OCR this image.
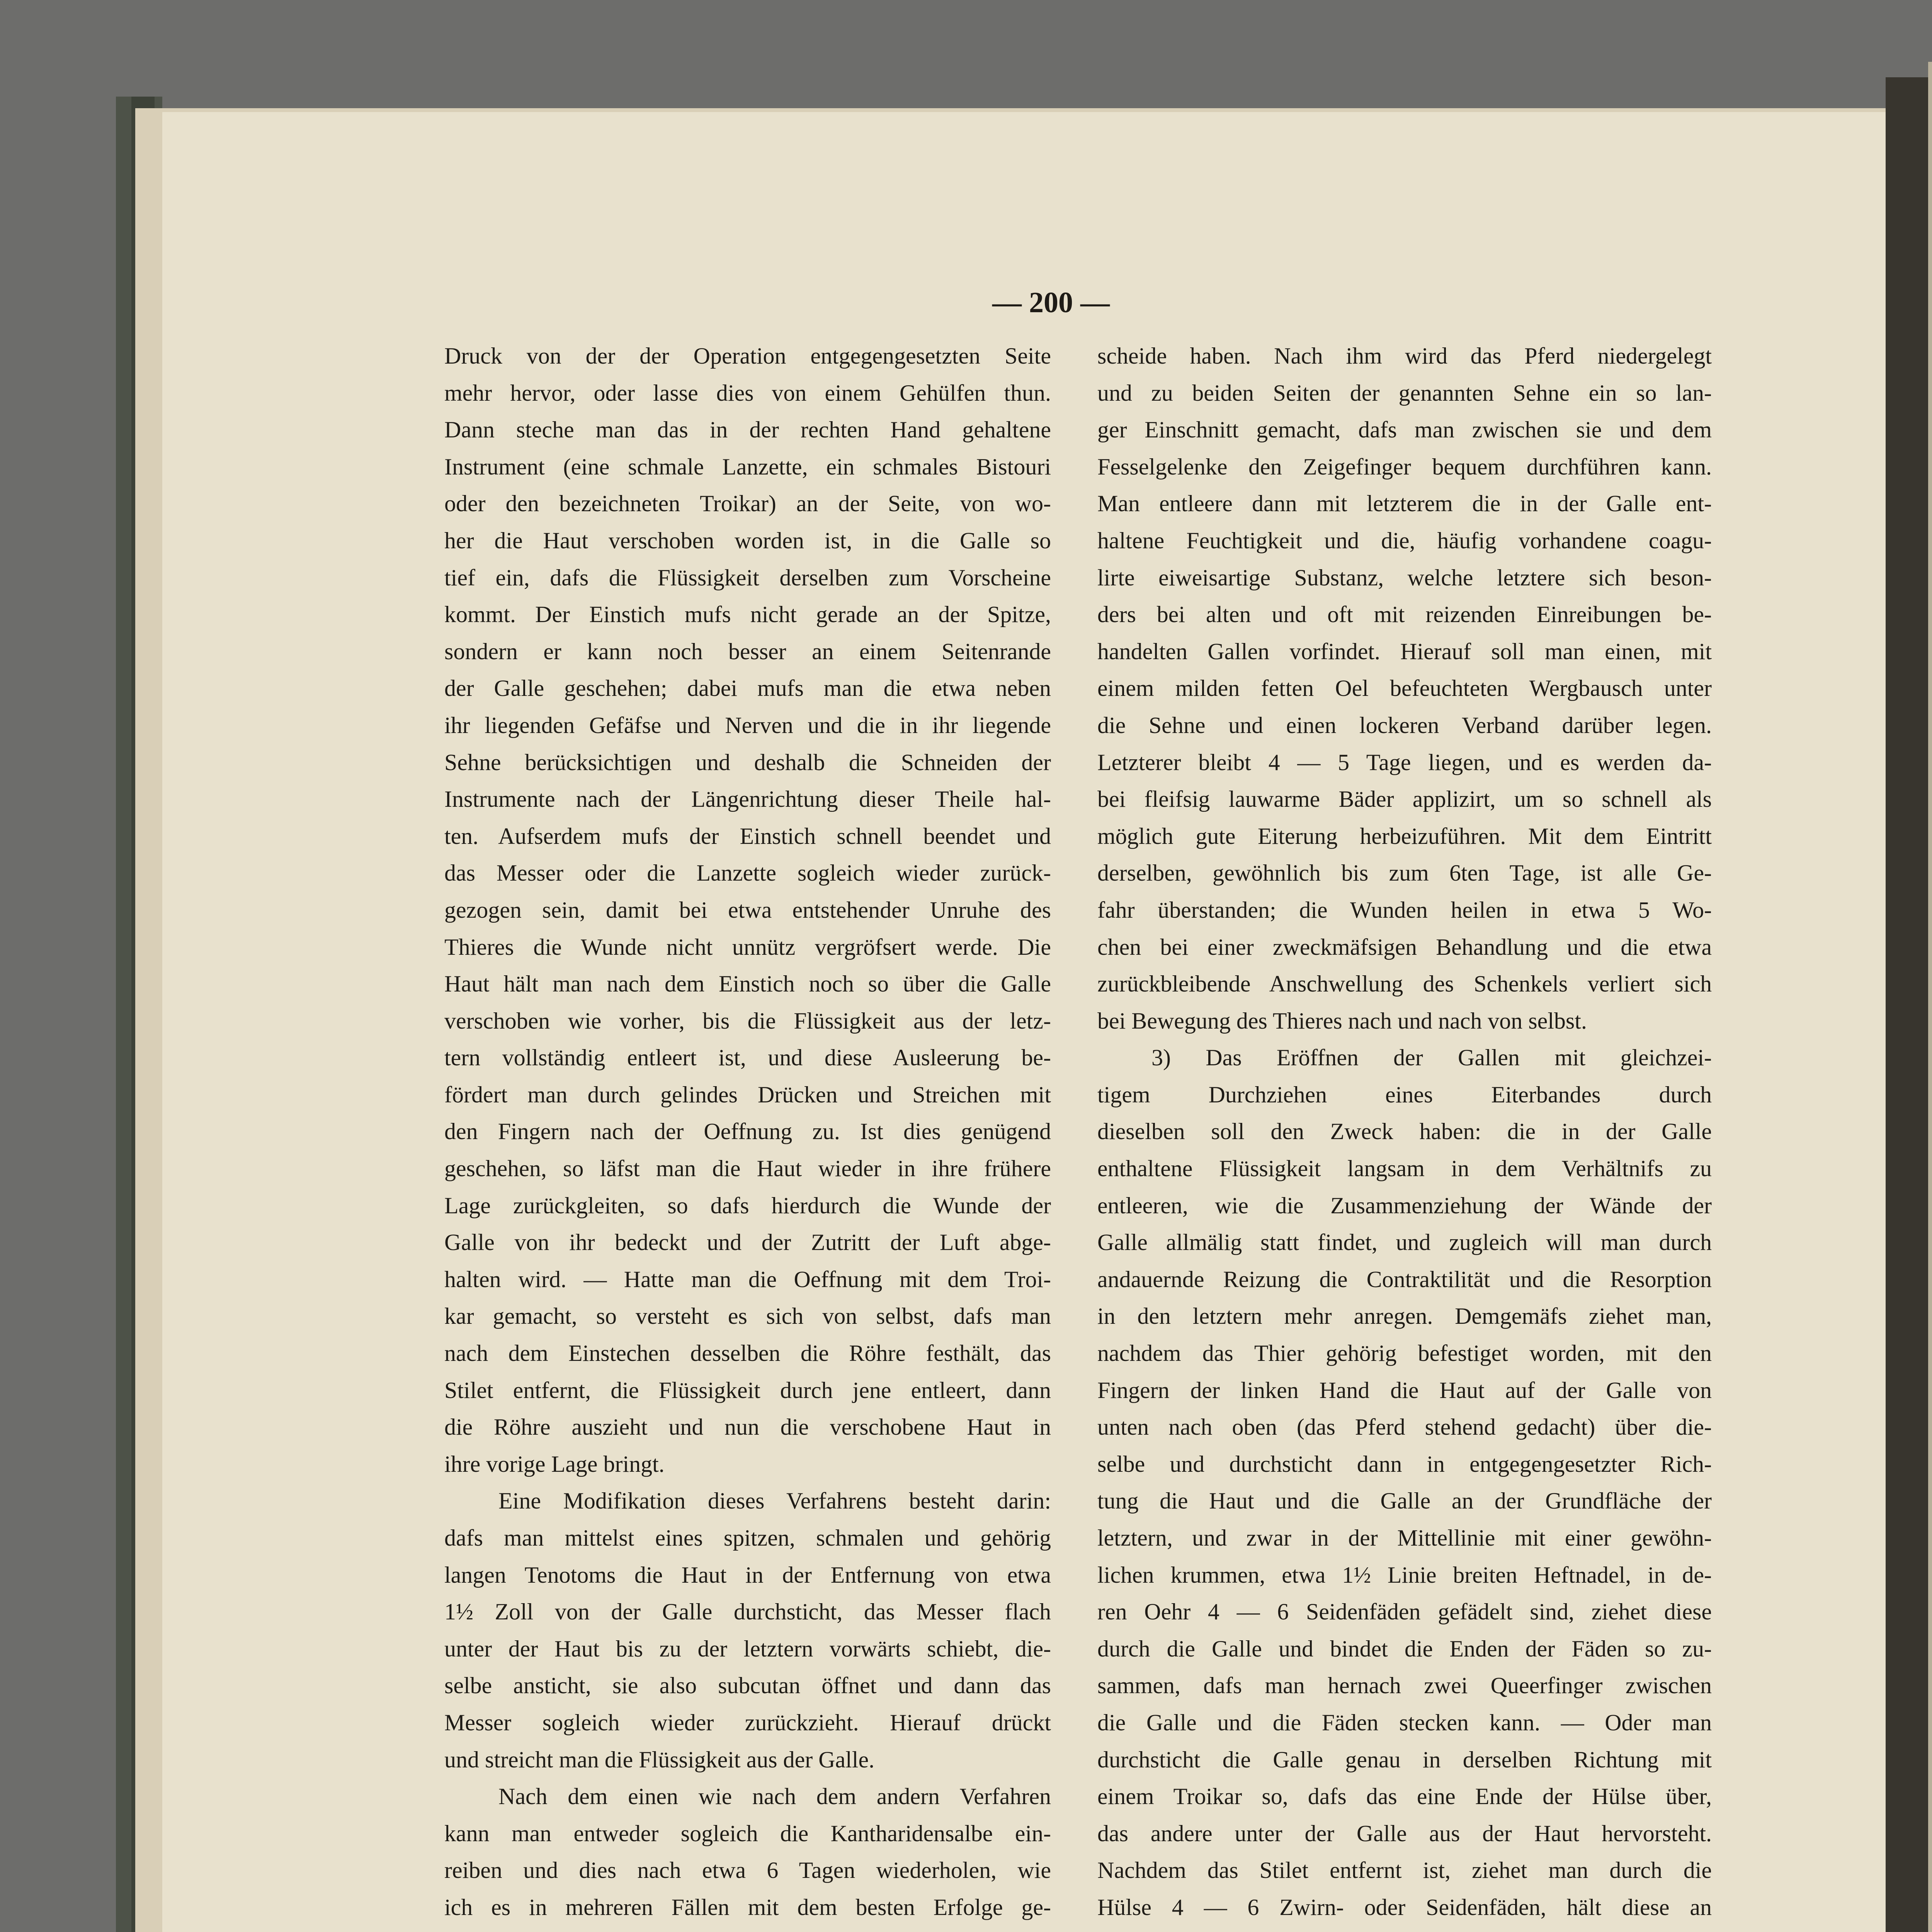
— 200 —
Druck von der der Operation entgegengesetzten Seite
mehr hervor, oder lasse dies von einem Gehülfen thun.
Dann steche man das in der rechten Hand gehaltene
Instrument (eine schmale Lanzette, ein schmales Bistouri
oder den bezeichneten Troikar) an der Seite, von wo-
her die Haut verschoben worden ist, in die Galle so
tief ein, dafs die Flüssigkeit derselben zum Vorscheine
kommt. Der Einstich mufs nicht gerade an der Spitze,
sondern er kann noch besser an einem Seitenrande
der Galle geschehen; dabei mufs man die etwa neben
ihr liegenden Gefäfse und Nerven und die in ihr liegende
Sehne berücksichtigen und deshalb die Schneiden der
Instrumente nach der Längenrichtung dieser Theile hal-
ten. Aufserdem mufs der Einstich schnell beendet und
das Messer oder die Lanzette sogleich wieder zurück-
gezogen sein, damit bei etwa entstehender Unruhe des
Thieres die Wunde nicht unnütz vergröfsert werde. Die
Haut hält man nach dem Einstich noch so über die Galle
verschoben wie vorher, bis die Flüssigkeit aus der letz-
tern vollständig entleert ist, und diese Ausleerung be-
fördert man durch gelindes Drücken und Streichen mit
den Fingern nach der Oeffnung zu. Ist dies genügend
geschehen, so läfst man die Haut wieder in ihre frühere
Lage zurückgleiten, so dafs hierdurch die Wunde der
Galle von ihr bedeckt und der Zutritt der Luft abge-
halten wird. — Hatte man die Oeffnung mit dem Troi-
kar gemacht, so versteht es sich von selbst, dafs man
nach dem Einstechen desselben die Röhre festhält, das
Stilet entfernt, die Flüssigkeit durch jene entleert, dann
die Röhre auszieht und nun die verschobene Haut in
ihre vorige Lage bringt.
Eine Modifikation dieses Verfahrens besteht darin:
dafs man mittelst eines spitzen, schmalen und gehörig
langen Tenotoms die Haut in der Entfernung von etwa
1½ Zoll von der Galle durchsticht, das Messer flach
unter der Haut bis zu der letztern vorwärts schiebt, die-
selbe ansticht, sie also subcutan öffnet und dann das
Messer sogleich wieder zurückzieht. Hierauf drückt
und streicht man die Flüssigkeit aus der Galle.
Nach dem einen wie nach dem andern Verfahren
kann man entweder sogleich die Kantharidensalbe ein-
reiben und dies nach etwa 6 Tagen wiederholen, wie
ich es in mehreren Fällen mit dem besten Erfolge ge-
scheide haben. Nach ihm wird das Pferd niedergelegt
und zu beiden Seiten der genannten Sehne ein so lan-
ger Einschnitt gemacht, dafs man zwischen sie und dem
Fesselgelenke den Zeigefinger bequem durchführen kann.
Man entleere dann mit letzterem die in der Galle ent-
haltene Feuchtigkeit und die, häufig vorhandene coagu-
lirte eiweisartige Substanz, welche letztere sich beson-
ders bei alten und oft mit reizenden Einreibungen be-
handelten Gallen vorfindet. Hierauf soll man einen, mit
einem milden fetten Oel befeuchteten Wergbausch unter
die Sehne und einen lockeren Verband darüber legen.
Letzterer bleibt 4 — 5 Tage liegen, und es werden da-
bei fleifsig lauwarme Bäder applizirt, um so schnell als
möglich gute Eiterung herbeizuführen. Mit dem Eintritt
derselben, gewöhnlich bis zum 6ten Tage, ist alle Ge-
fahr überstanden; die Wunden heilen in etwa 5 Wo-
chen bei einer zweckmäfsigen Behandlung und die etwa
zurückbleibende Anschwellung des Schenkels verliert sich
bei Bewegung des Thieres nach und nach von selbst.
3) Das Eröffnen der Gallen mit gleichzei-
tigem Durchziehen eines Eiterbandes durch
dieselben soll den Zweck haben: die in der Galle
enthaltene Flüssigkeit langsam in dem Verhältnifs zu
entleeren, wie die Zusammenziehung der Wände der
Galle allmälig statt findet, und zugleich will man durch
andauernde Reizung die Contraktilität und die Resorption
in den letztern mehr anregen. Demgemäfs ziehet man,
nachdem das Thier gehörig befestiget worden, mit den
Fingern der linken Hand die Haut auf der Galle von
unten nach oben (das Pferd stehend gedacht) über die-
selbe und durchsticht dann in entgegengesetzter Rich-
tung die Haut und die Galle an der Grundfläche der
letztern, und zwar in der Mittellinie mit einer gewöhn-
lichen krummen, etwa 1½ Linie breiten Heftnadel, in de-
ren Oehr 4 — 6 Seidenfäden gefädelt sind, ziehet diese
durch die Galle und bindet die Enden der Fäden so zu-
sammen, dafs man hernach zwei Queerfinger zwischen
die Galle und die Fäden stecken kann. — Oder man
durchsticht die Galle genau in derselben Richtung mit
einem Troikar so, dafs das eine Ende der Hülse über,
das andere unter der Galle aus der Haut hervorsteht.
Nachdem das Stilet entfernt ist, ziehet man durch die
Hülse 4 — 6 Zwirn- oder Seidenfäden, hält diese an
